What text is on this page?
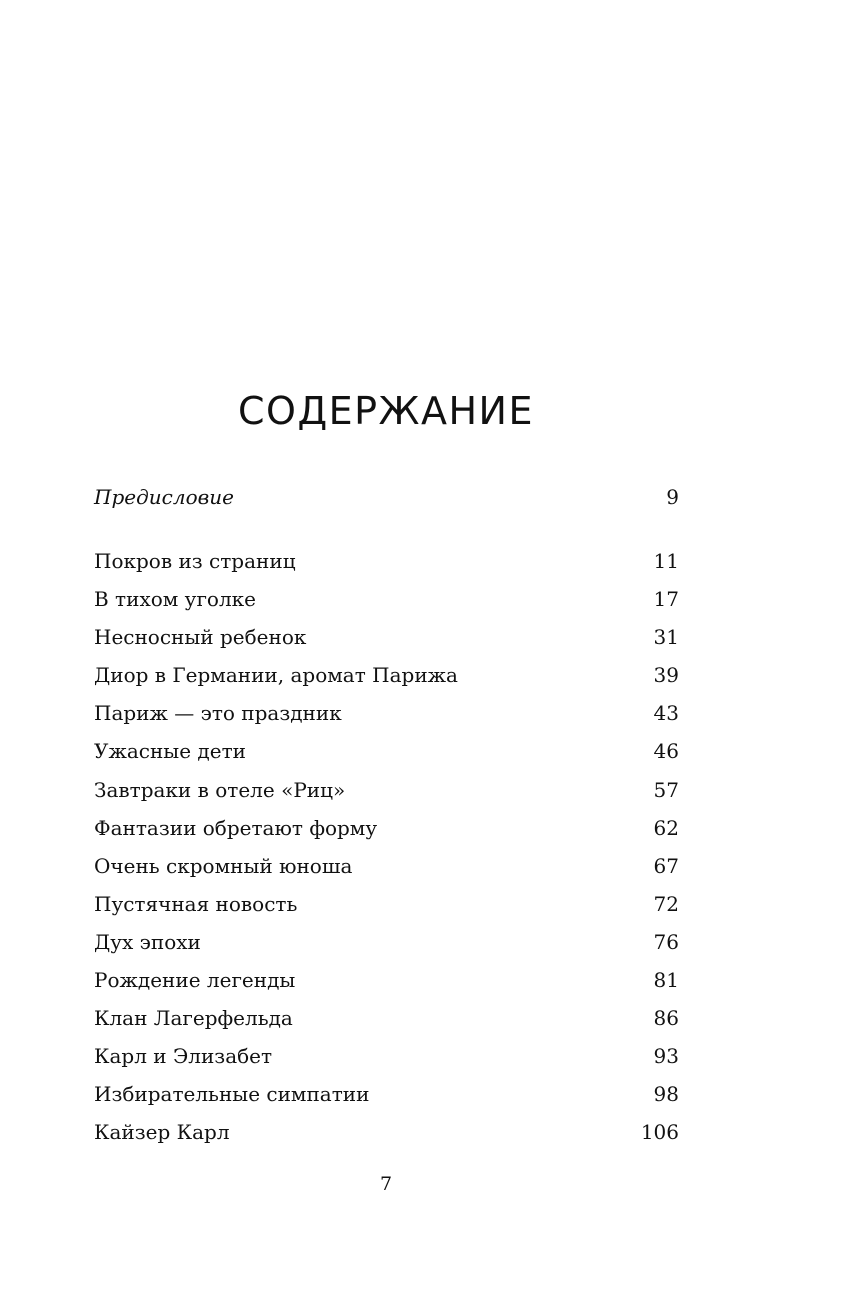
СОДЕРЖАНИЕ
Предисловие	9
Покров из страниц	11
В тихом уголке	17
Несносный ребенок	31
Диор в Германии, аромат Парижа	39
Париж — это праздник	43
Ужасные дети	46
Завтраки в отеле «Риц»	57
Фантазии обретают форму	62
Очень скромный юноша	67
Пустячная новость	72
Дух эпохи	76
Рождение легенды	81
Клан Лагерфельда	86
Карл и Элизабет	93
Избирательные симпатии	98
Кайзер Карл	106
7
